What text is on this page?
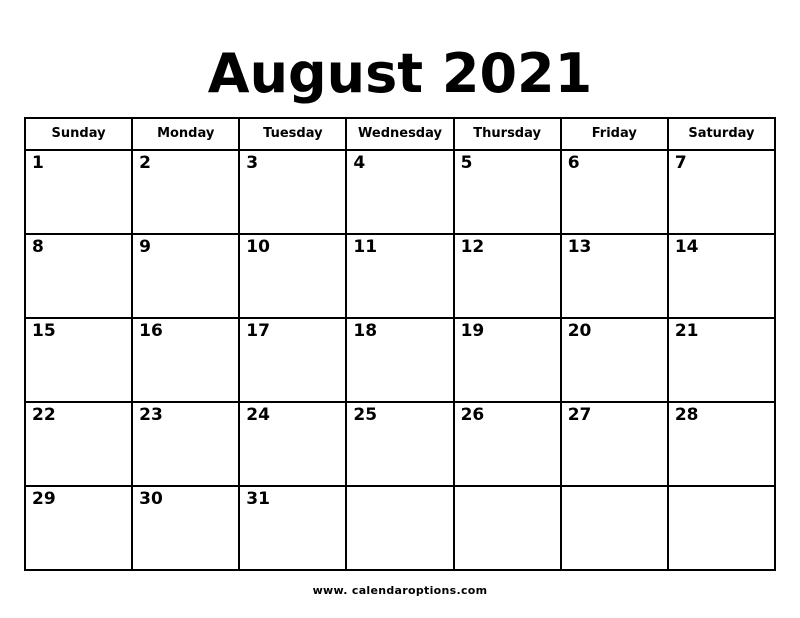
August 2021
Sunday	Monday	Tuesday	Wednesday	Thursday	Friday	Saturday

1	2	3	4	5	6	7

8	9	10	11	12	13	14

15	16	17	18	19	20	21

22	23	24	25	26	27	28

29	30	31				

www. calendaroptions.com
